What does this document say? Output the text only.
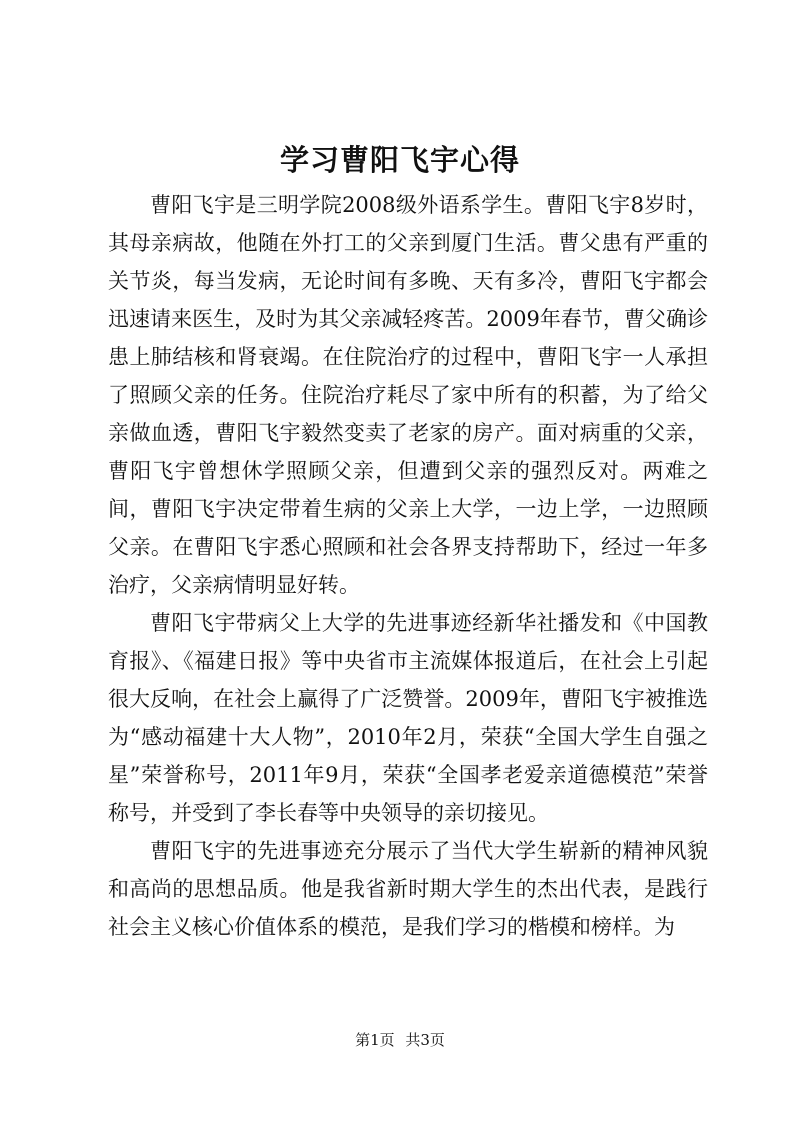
学习曹阳飞宇心得

曹阳飞宇是三明学院2008级外语系学生。曹阳飞宇8岁时，其母亲病故，他随在外打工的父亲到厦门生活。曹父患有严重的关节炎，每当发病，无论时间有多晚、天有多冷，曹阳飞宇都会迅速请来医生，及时为其父亲减轻疼苦。2009年春节，曹父确诊患上肺结核和肾衰竭。在住院治疗的过程中，曹阳飞宇一人承担了照顾父亲的任务。住院治疗耗尽了家中所有的积蓄，为了给父亲做血透，曹阳飞宇毅然变卖了老家的房产。面对病重的父亲，曹阳飞宇曾想休学照顾父亲，但遭到父亲的强烈反对。两难之间，曹阳飞宇决定带着生病的父亲上大学，一边上学，一边照顾父亲。在曹阳飞宇悉心照顾和社会各界支持帮助下，经过一年多治疗，父亲病情明显好转。

曹阳飞宇带病父上大学的先进事迹经新华社播发和《中国教育报》、《福建日报》等中央省市主流媒体报道后，在社会上引起很大反响，在社会上赢得了广泛赞誉。2009年，曹阳飞宇被推选为“感动福建十大人物”，2010年2月，荣获“全国大学生自强之星”荣誉称号，2011年9月，荣获“全国孝老爱亲道德模范”荣誉称号，并受到了李长春等中央领导的亲切接见。

曹阳飞宇的先进事迹充分展示了当代大学生崭新的精神风貌和高尚的思想品质。他是我省新时期大学生的杰出代表，是践行社会主义核心价值体系的模范，是我们学习的楷模和榜样。为

第1页 共3页
